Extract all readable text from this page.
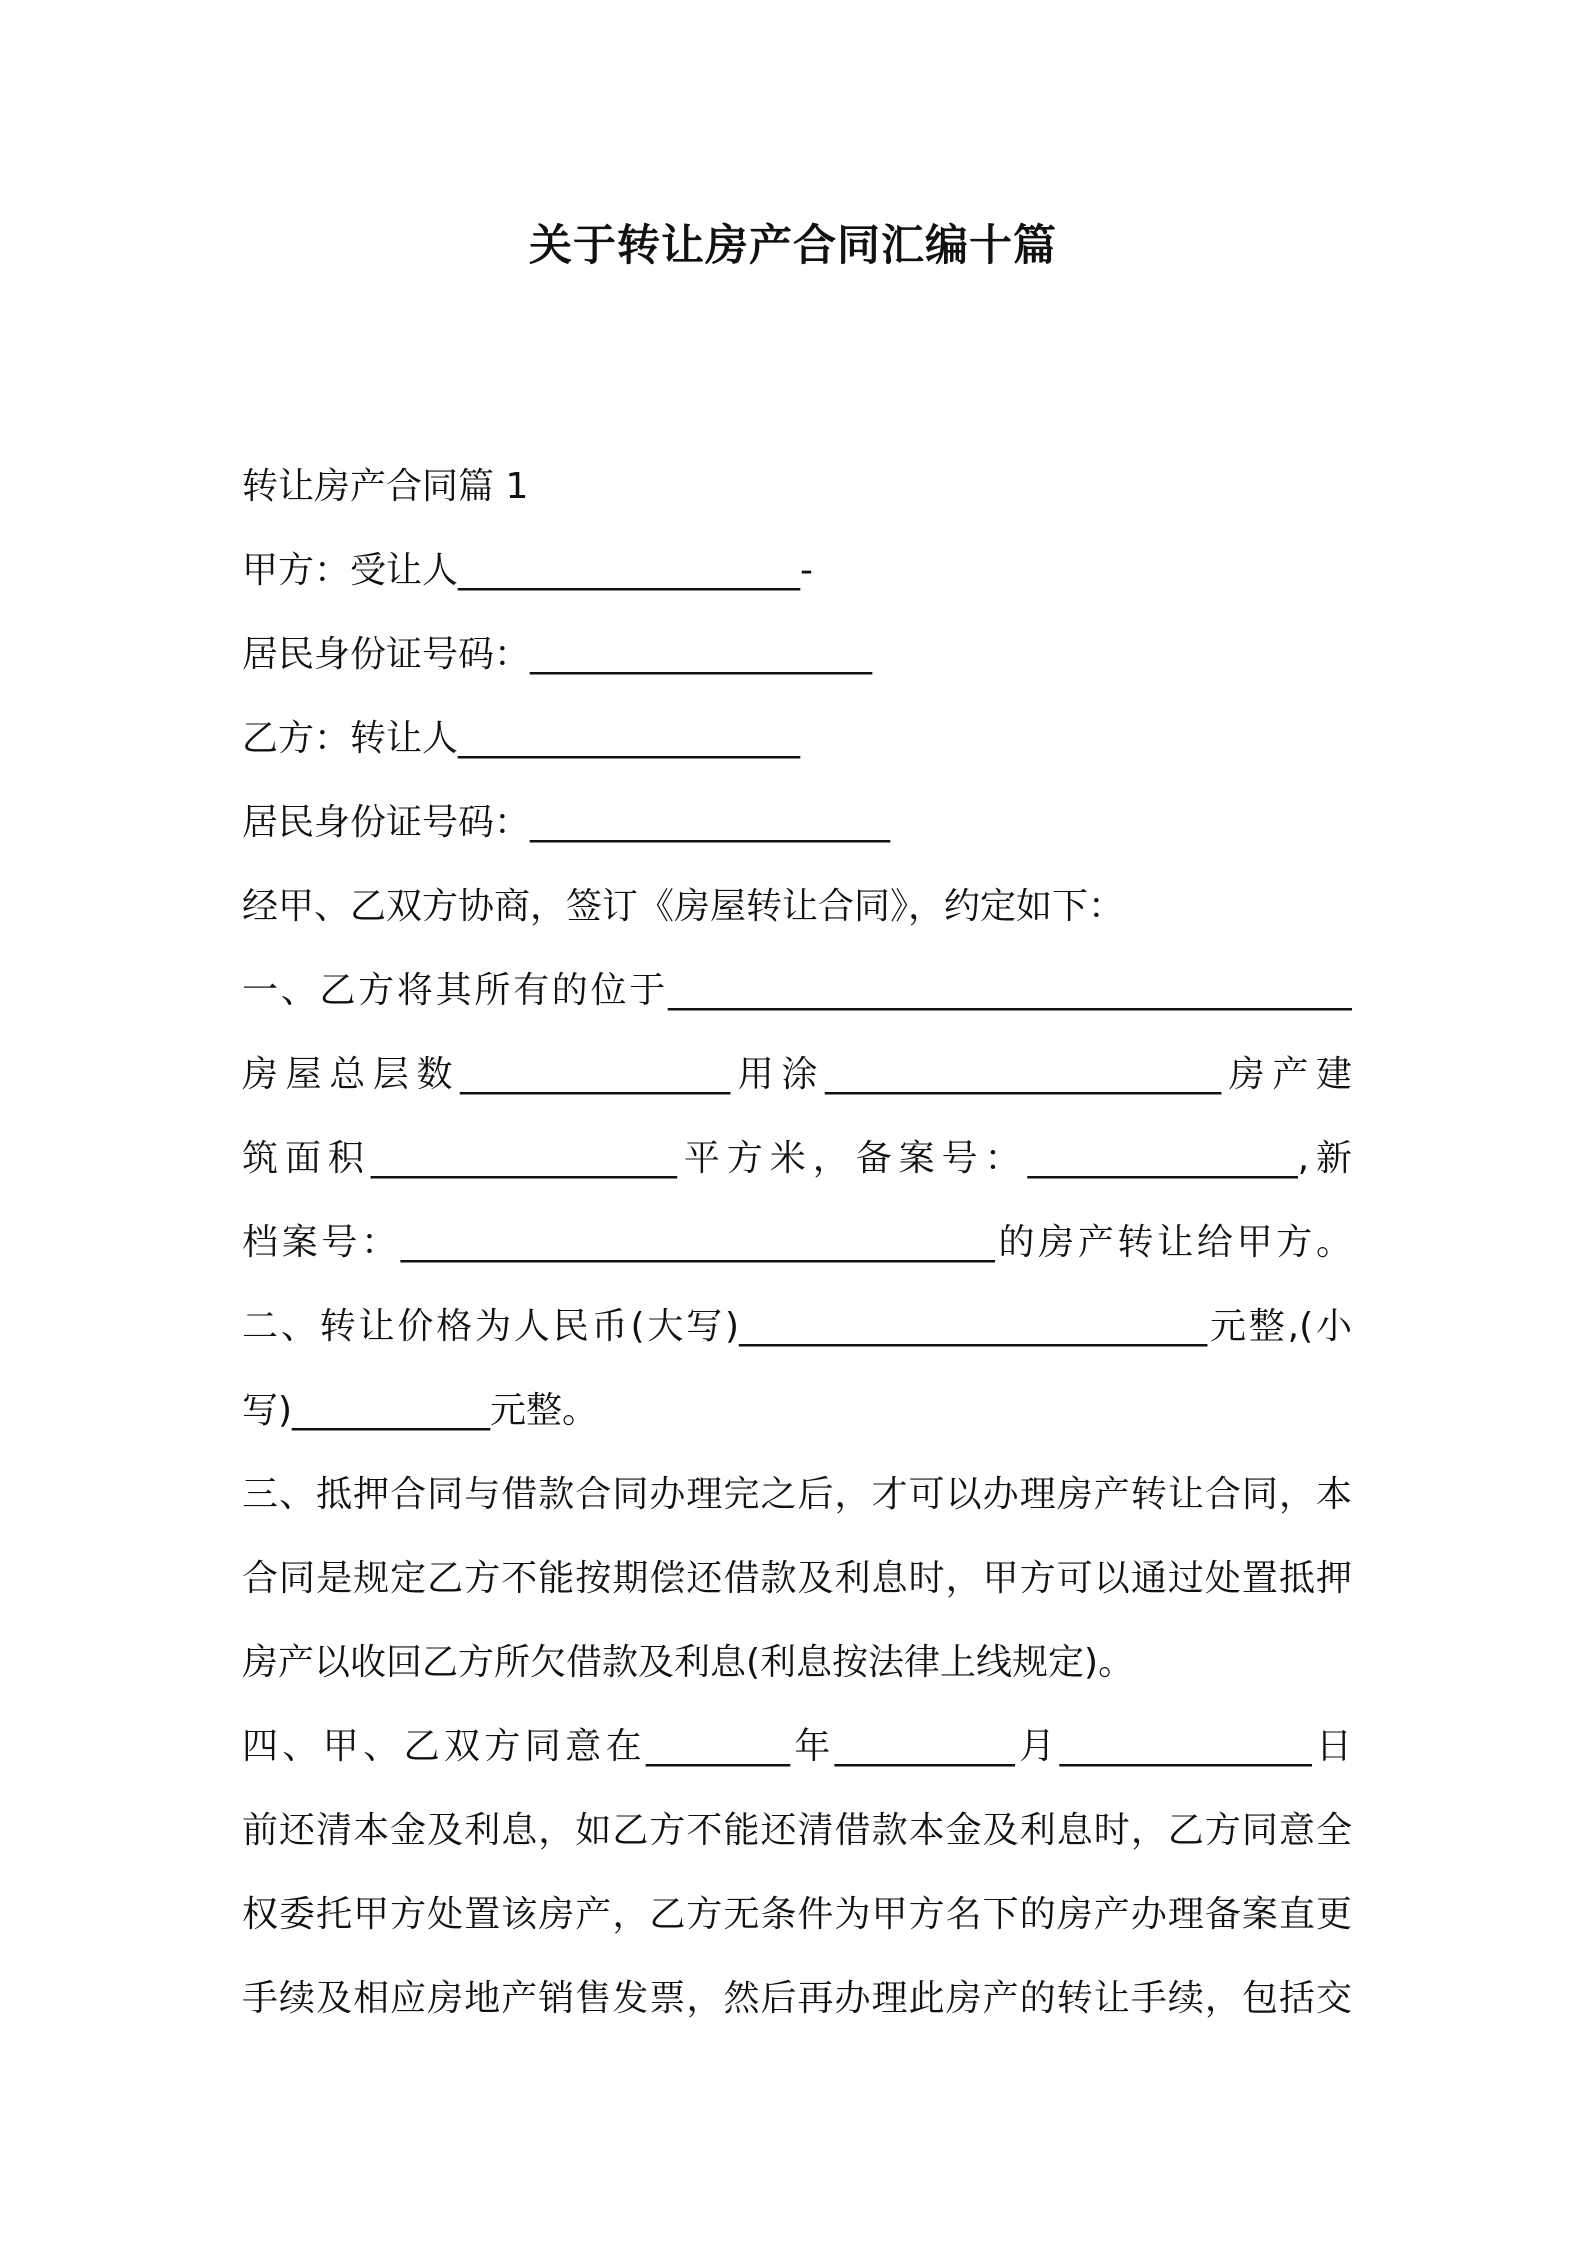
关于转让房产合同汇编十篇
转让房产合同篇 1
甲方：受让人___________________-
居民身份证号码：___________________
乙方：转让人___________________
居民身份证号码：____________________
经甲、乙双方协商，签订《房屋转让合同》，约定如下：
一、乙方将其所有的位于______________________________________
房屋总层数_______________用涂______________________房产建
筑面积_________________平方米，备案号：_______________,新
档案号：_________________________________的房产转让给甲方。
二、转让价格为人民币(大写)__________________________元整,(小
写)___________元整。
三、抵押合同与借款合同办理完之后，才可以办理房产转让合同，本
合同是规定乙方不能按期偿还借款及利息时，甲方可以通过处置抵押
房产以收回乙方所欠借款及利息(利息按法律上线规定)。
四、甲、乙双方同意在________年__________月______________日
前还清本金及利息，如乙方不能还清借款本金及利息时，乙方同意全
权委托甲方处置该房产，乙方无条件为甲方名下的房产办理备案直更
手续及相应房地产销售发票，然后再办理此房产的转让手续，包括交
